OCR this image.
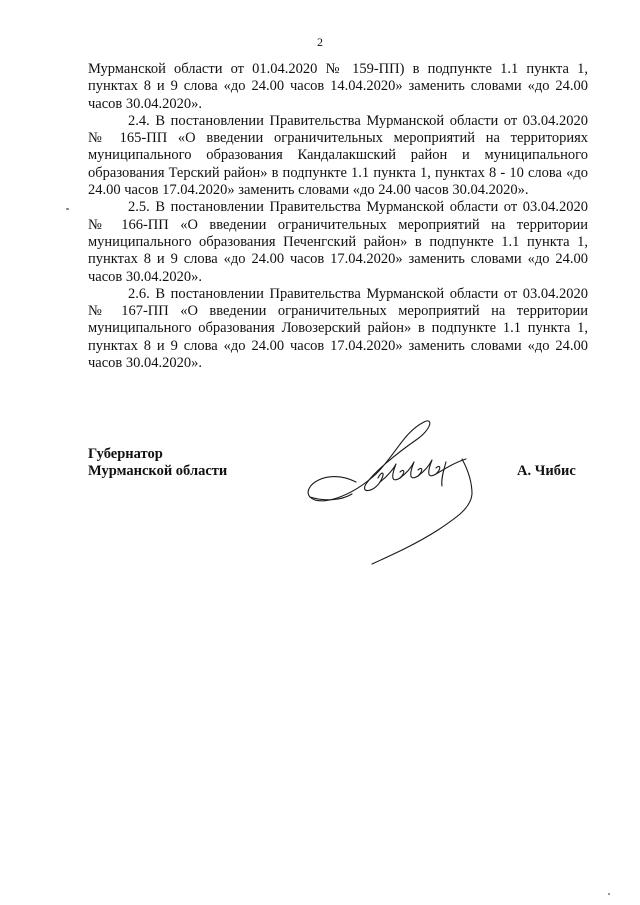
2

Мурманской области от 01.04.2020 № 159-ПП) в подпункте 1.1 пункта 1, пунктах 8 и 9 слова «до 24.00 часов 14.04.2020» заменить словами «до 24.00 часов 30.04.2020».

2.4. В постановлении Правительства Мурманской области от 03.04.2020 № 165-ПП «О введении ограничительных мероприятий на территориях муниципального образования Кандалакшский район и муниципального образования Терский район» в подпункте 1.1 пункта 1, пунктах 8 - 10 слова «до 24.00 часов 17.04.2020» заменить словами «до 24.00 часов 30.04.2020».

2.5. В постановлении Правительства Мурманской области от 03.04.2020 № 166-ПП «О введении ограничительных мероприятий на территории муниципального образования Печенгский район» в подпункте 1.1 пункта 1, пунктах 8 и 9 слова «до 24.00 часов 17.04.2020» заменить словами «до 24.00 часов 30.04.2020».

2.6. В постановлении Правительства Мурманской области от 03.04.2020 № 167-ПП «О введении ограничительных мероприятий на территории муниципального образования Ловозерский район» в подпункте 1.1 пункта 1, пунктах 8 и 9 слова «до 24.00 часов 17.04.2020» заменить словами «до 24.00 часов 30.04.2020».

Губернатор
Мурманской области	А. Чибис
